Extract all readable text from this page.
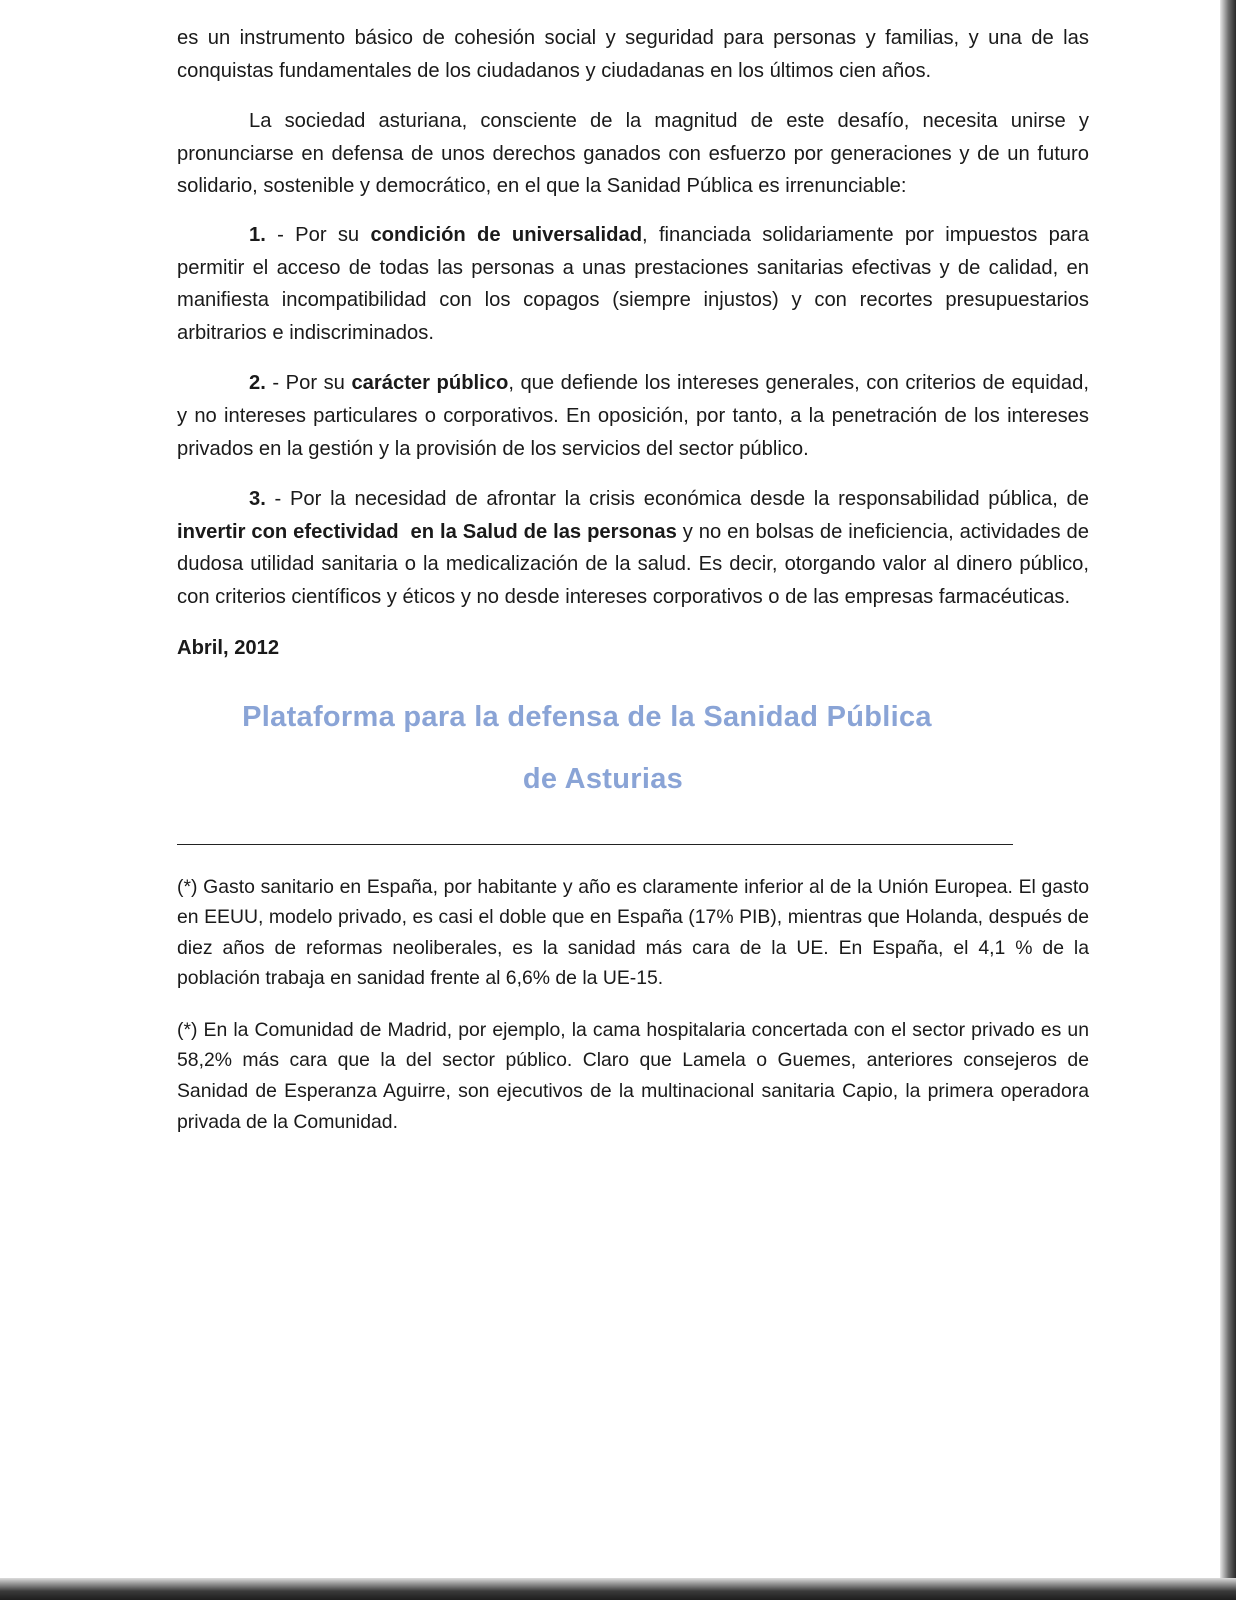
es un instrumento básico de cohesión social y seguridad para personas y familias, y una de las conquistas fundamentales de los ciudadanos y ciudadanas en los últimos cien años.

La sociedad asturiana, consciente de la magnitud de este desafío, necesita unirse y pronunciarse en defensa de unos derechos ganados con esfuerzo por generaciones y de un futuro solidario, sostenible y democrático, en el que la Sanidad Pública es irrenunciable:

1. - Por su condición de universalidad, financiada solidariamente por impuestos para permitir el acceso de todas las personas a unas prestaciones sanitarias efectivas y de calidad, en manifiesta incompatibilidad con los copagos (siempre injustos) y con recortes presupuestarios arbitrarios e indiscriminados.

2. - Por su carácter público, que defiende los intereses generales, con criterios de equidad, y no intereses particulares o corporativos. En oposición, por tanto, a la penetración de los intereses privados en la gestión y la provisión de los servicios del sector público.

3. - Por la necesidad de afrontar la crisis económica desde la responsabilidad pública, de invertir con efectividad  en la Salud de las personas y no en bolsas de ineficiencia, actividades de dudosa utilidad sanitaria o la medicalización de la salud. Es decir, otorgando valor al dinero público, con criterios científicos y éticos y no desde intereses corporativos o de las empresas farmacéuticas.

Abril, 2012
Plataforma para la defensa de la Sanidad Pública
de Asturias
(*) Gasto sanitario en España, por habitante y año es claramente inferior al de la Unión Europea. El gasto en EEUU, modelo privado, es casi el doble que en España (17% PIB), mientras que Holanda, después de diez años de reformas neoliberales, es la sanidad más cara de la UE. En España, el 4,1 % de la población trabaja en sanidad frente al 6,6% de la UE-15.
(*) En la Comunidad de Madrid, por ejemplo, la cama hospitalaria concertada con el sector privado es un 58,2% más cara que la del sector público. Claro que Lamela o Guemes, anteriores consejeros de Sanidad de Esperanza Aguirre, son ejecutivos de la multinacional sanitaria Capio, la primera operadora privada de la Comunidad.
